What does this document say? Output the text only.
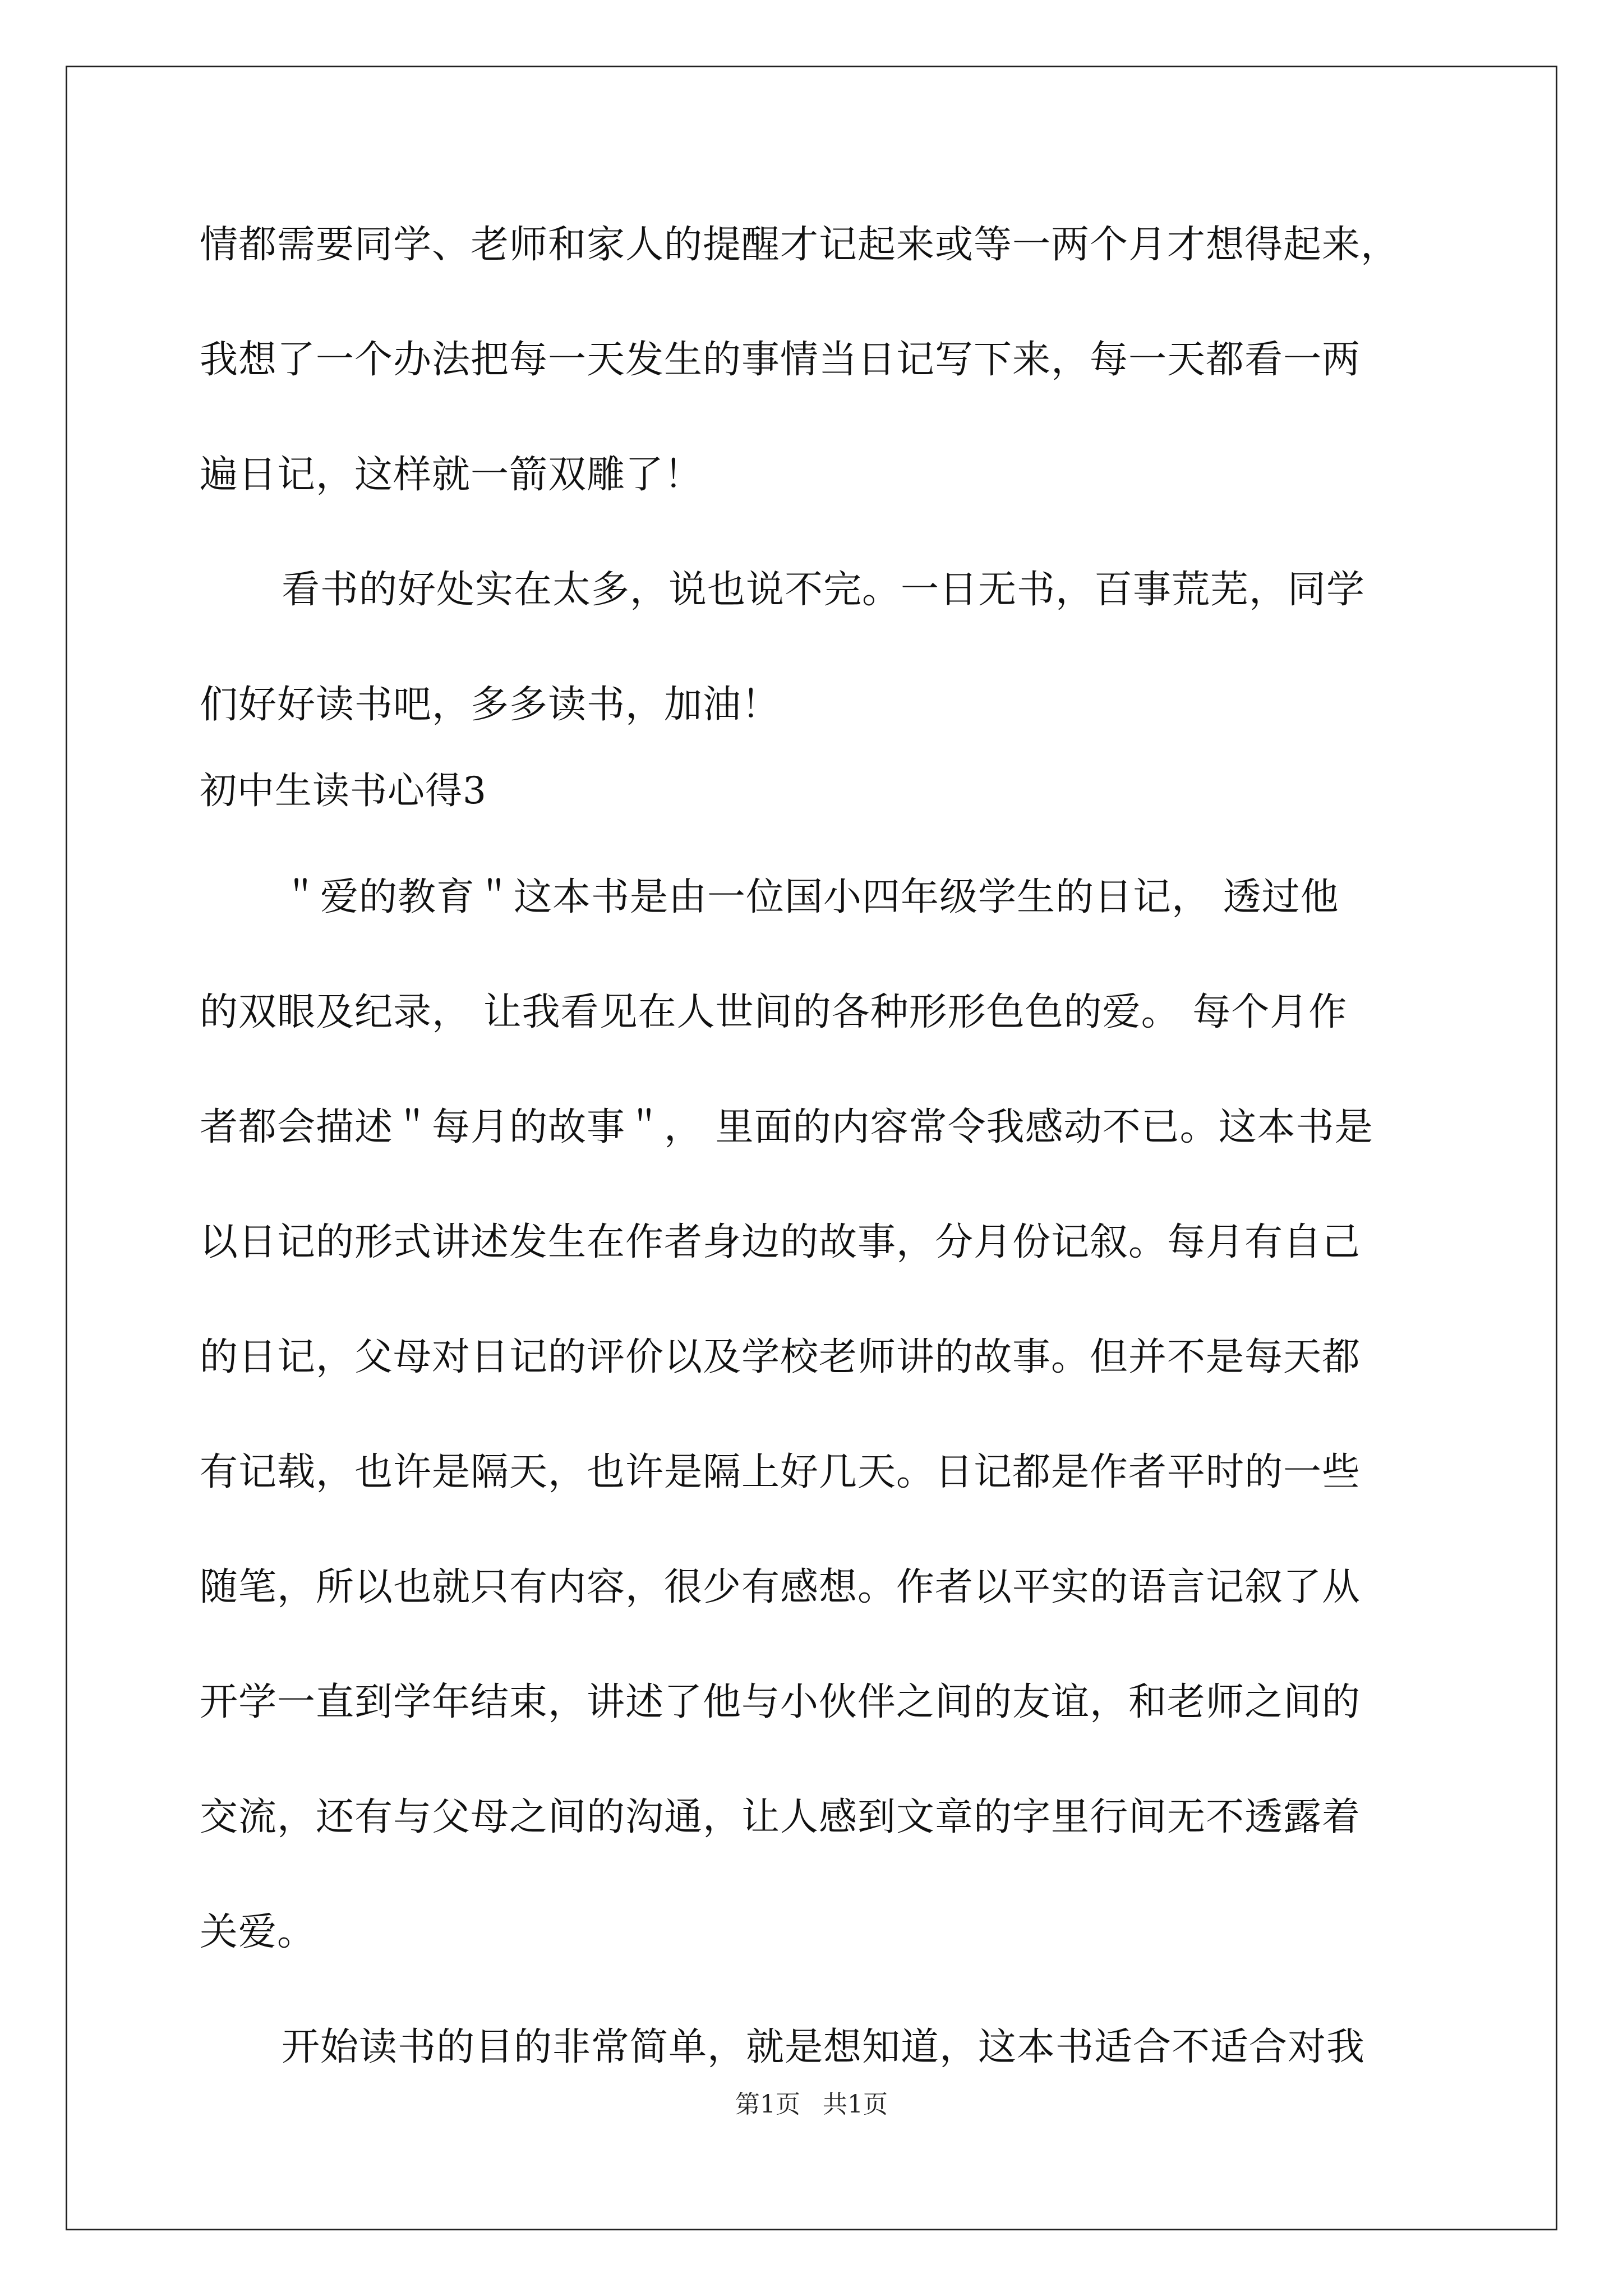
情都需要同学、老师和家人的提醒才记起来或等一两个月才想得起来，
我想了一个办法把每一天发生的事情当日记写下来，每一天都看一两
遍日记，这样就一箭双雕了！
看书的好处实在太多，说也说不完。一日无书，百事荒芜，同学
们好好读书吧，多多读书，加油！
初中生读书心得3
＂爱的教育＂这本书是由一位国小四年级学生的日记， 透过他
的双眼及纪录， 让我看见在人世间的各种形形色色的爱。 每个月作
者都会描述＂每月的故事＂， 里面的内容常令我感动不已。这本书是
以日记的形式讲述发生在作者身边的故事，分月份记叙。每月有自己
的日记，父母对日记的评价以及学校老师讲的故事。但并不是每天都
有记载，也许是隔天，也许是隔上好几天。日记都是作者平时的一些
随笔，所以也就只有内容，很少有感想。作者以平实的语言记叙了从
开学一直到学年结束，讲述了他与小伙伴之间的友谊，和老师之间的
交流，还有与父母之间的沟通，让人感到文章的字里行间无不透露着
关爱。
开始读书的目的非常简单，就是想知道，这本书适合不适合对我
第1页 共1页
